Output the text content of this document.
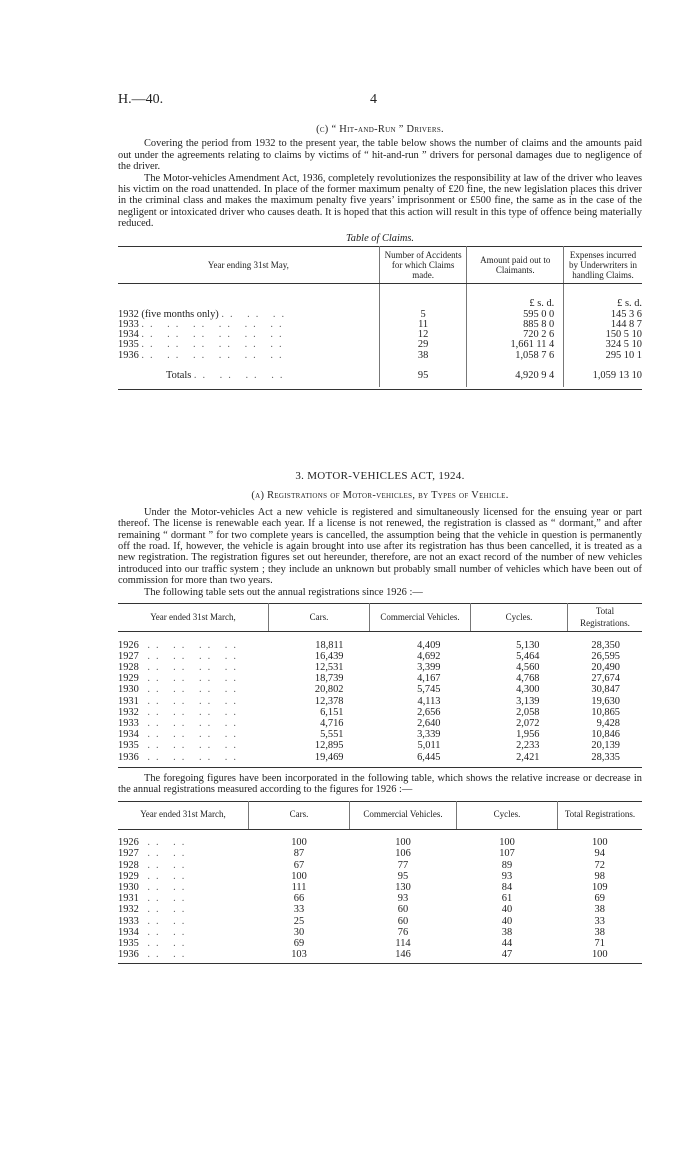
H.—40.	4
(c) “ Hit-and-Run ” Drivers.

Covering the period from 1932 to the present year, the table below shows the number of claims and the amounts paid out under the agreements relating to claims by victims of “ hit-and-run ” drivers for personal damages due to negligence of the driver.

The Motor-vehicles Amendment Act, 1936, completely revolutionizes the responsibility at law of the driver who leaves his victim on the road unattended. In place of the former maximum penalty of £20 fine, the new legislation places this driver in the criminal class and makes the maximum penalty five years’ imprisonment or £500 fine, the same as in the case of the negligent or intoxicated driver who causes death. It is hoped that this action will result in this type of offence being materially reduced.

Table of Claims.
Year ending 31st May,	Number of Accidents for which Claims made.	Amount paid out to Claimants.	Expenses incurred by Underwriters in handling Claims.
		£ s. d.	£ s. d.
1932 (five months only) .. .. ..	5	595 0 0	145 3 6
1933 .. .. .. .. .. ..	11	885 8 0	144 8 7
1934 .. .. .. .. .. ..	12	720 2 6	150 5 10
1935 .. .. .. .. .. ..	29	1,661 11 4	324 5 10
1936 .. .. .. .. .. ..	38	1,058 7 6	295 10 1
Totals .. .. .. ..	95	4,920 9 4	1,059 13 10
3. MOTOR-VEHICLES ACT, 1924.
(a) Registrations of Motor-vehicles, by Types of Vehicle.

Under the Motor-vehicles Act a new vehicle is registered and simultaneously licensed for the ensuing year or part thereof. The license is renewable each year. If a license is not renewed, the registration is classed as “ dormant,” and after remaining “ dormant ” for two complete years is cancelled, the assumption being that the vehicle in question is permanently off the road. If, however, the vehicle is again brought into use after its registration has thus been cancelled, it is treated as a new registration. The registration figures set out hereunder, therefore, are not an exact record of the number of new vehicles introduced into our traffic system ; they include an unknown but probably small number of vehicles which have been out of commission for more than two years.

The following table sets out the annual registrations since 1926 :—

Year ended 31st March,	Cars.	Commercial Vehicles.	Cycles.	Total Registrations.

1926 .. .. .. ..	18,811	4,409	5,130	28,350
1927 .. .. .. ..	16,439	4,692	5,464	26,595
1928 .. .. .. ..	12,531	3,399	4,560	20,490
1929 .. .. .. ..	18,739	4,167	4,768	27,674
1930 .. .. .. ..	20,802	5,745	4,300	30,847
1931 .. .. .. ..	12,378	4,113	3,139	19,630
1932 .. .. .. ..	6,151	2,656	2,058	10,865
1933 .. .. .. ..	4,716	2,640	2,072	9,428
1934 .. .. .. ..	5,551	3,339	1,956	10,846
1935 .. .. .. ..	12,895	5,011	2,233	20,139
1936 .. .. .. ..	19,469	6,445	2,421	28,335

The foregoing figures have been incorporated in the following table, which shows the relative increase or decrease in the annual registrations measured according to the figures for 1926 :—

Year ended 31st March,	Cars.	Commercial Vehicles.	Cycles.	Total Registrations.

1926 .. ..	100	100	100	100
1927 .. ..	87	106	107	94
1928 .. ..	67	77	89	72
1929 .. ..	100	95	93	98
1930 .. ..	111	130	84	109
1931 .. ..	66	93	61	69
1932 .. ..	33	60	40	38
1933 .. ..	25	60	40	33
1934 .. ..	30	76	38	38
1935 .. ..	69	114	44	71
1936 .. ..	103	146	47	100
